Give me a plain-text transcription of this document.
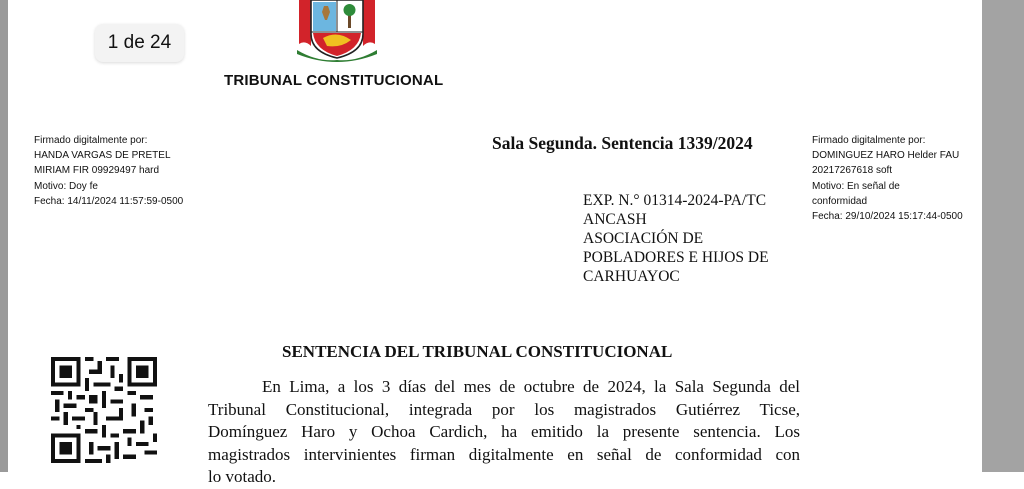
1 de 24
TRIBUNAL CONSTITUCIONAL
Firmado digitalmente por:
HANDA VARGAS DE PRETEL
MIRIAM FIR 09929497 hard
Motivo: Doy fe
Fecha: 14/11/2024 11:57:59-0500
Sala Segunda. Sentencia 1339/2024	Firmado digitalmente por:
DOMINGUEZ HARO Helder FAU
20217267618 soft
Motivo: En señal de
conformidad
Fecha: 29/10/2024 15:17:44-0500
EXP. N.° 01314-2024-PA/TC
ANCASH
ASOCIACIÓN DE
POBLADORES E HIJOS DE
CARHUAYOC
SENTENCIA DEL TRIBUNAL CONSTITUCIONAL
En Lima, a los 3 días del mes de octubre de 2024, la Sala Segunda del
Tribunal Constitucional, integrada por los magistrados Gutiérrez Ticse,
Domínguez Haro y Ochoa Cardich, ha emitido la presente sentencia. Los
magistrados intervinientes firman digitalmente en señal de conformidad con
lo votado.
